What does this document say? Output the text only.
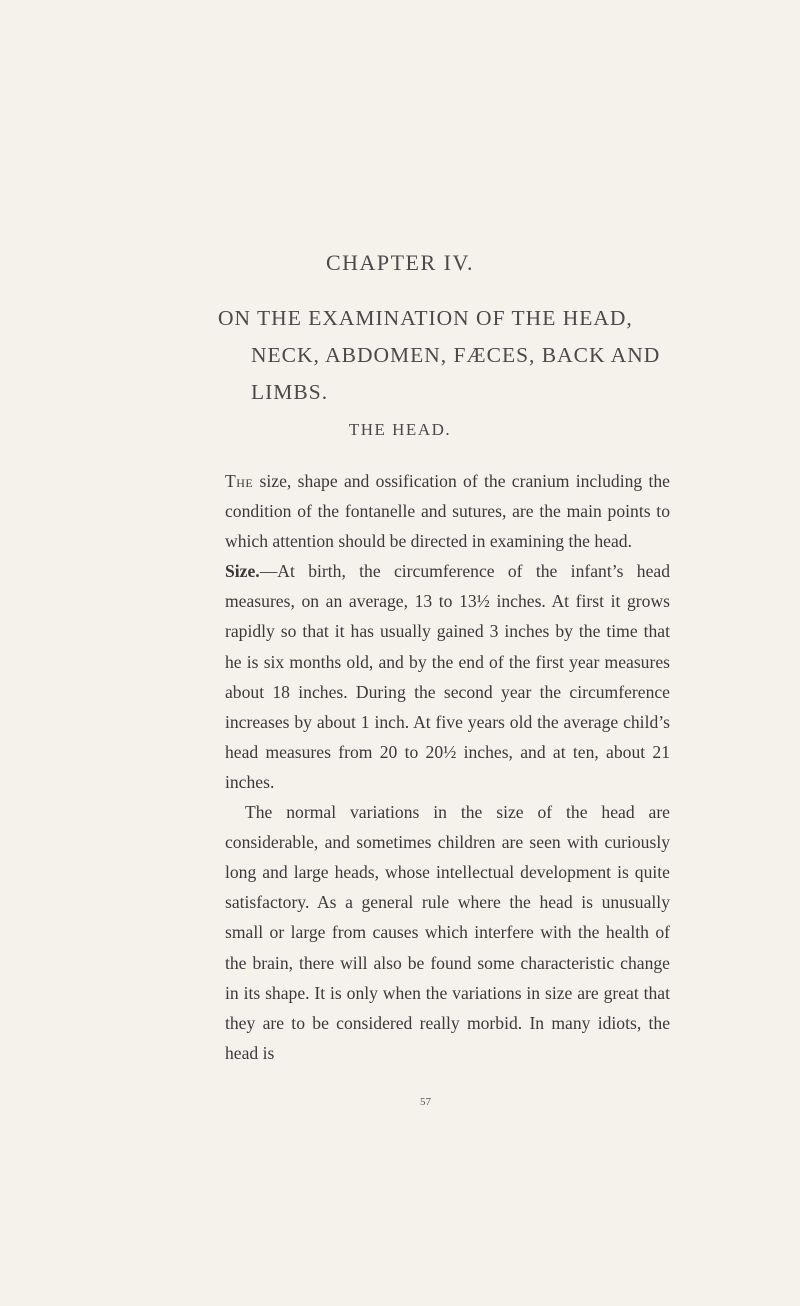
CHAPTER IV.
ON THE EXAMINATION OF THE HEAD, NECK, ABDOMEN, FÆCES, BACK AND LIMBS.
THE HEAD.

The size, shape and ossification of the cranium including the condition of the fontanelle and sutures, are the main points to which attention should be directed in examining the head.

Size.—At birth, the circumference of the infant’s head measures, on an average, 13 to 13½ inches. At first it grows rapidly so that it has usually gained 3 inches by the time that he is six months old, and by the end of the first year measures about 18 inches. During the second year the circumference increases by about 1 inch. At five years old the average child’s head measures from 20 to 20½ inches, and at ten, about 21 inches.

The normal variations in the size of the head are considerable, and sometimes children are seen with curiously long and large heads, whose intellectual development is quite satisfactory. As a general rule where the head is unusually small or large from causes which interfere with the health of the brain, there will also be found some characteristic change in its shape. It is only when the variations in size are great that they are to be considered really morbid. In many idiots, the head is

57
